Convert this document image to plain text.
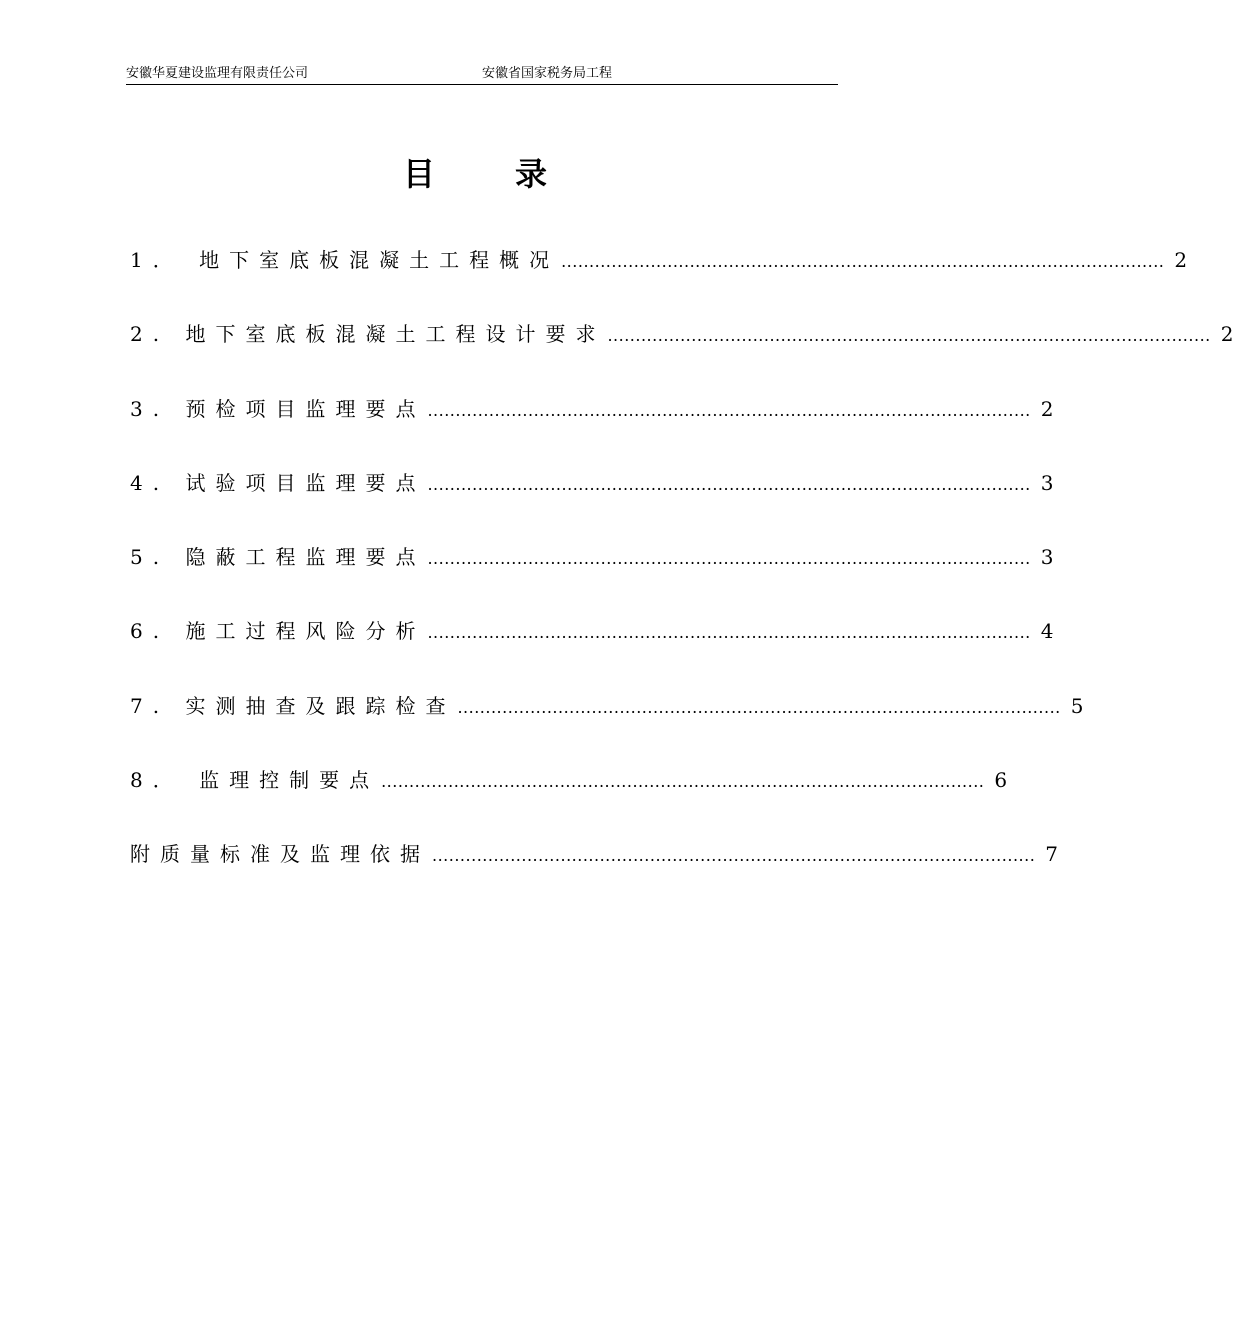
安徽华夏建设监理有限责任公司	安徽省国家税务局工程
目录
1． 地下室底板混凝土工程概况 ............................................................................................................ 2
2. 地下室底板混凝土工程设计要求 ............................................................................................................ 2
3. 预检项目监理要点 ............................................................................................................ 2
4. 试验项目监理要点 ............................................................................................................ 3
5. 隐蔽工程监理要点 ............................................................................................................ 3
6. 施工过程风险分析 ............................................................................................................ 4
7. 实测抽查及跟踪检查 ............................................................................................................ 5
8． 监理控制要点 ............................................................................................................ 6
附质量标准及监理依据 ............................................................................................................ 7
